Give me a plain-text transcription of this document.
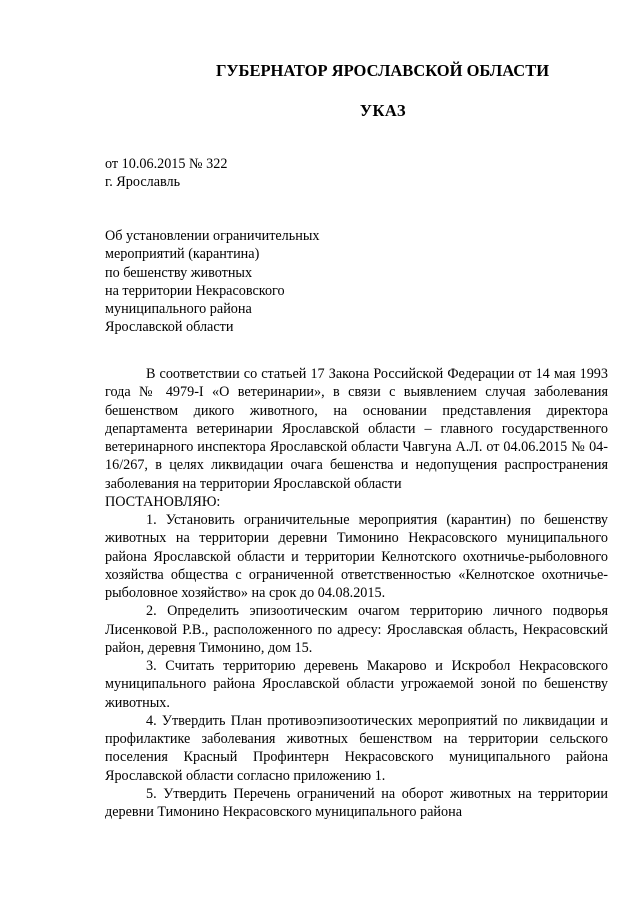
ГУБЕРНАТОР ЯРОСЛАВСКОЙ ОБЛАСТИ
УКАЗ
от 10.06.2015 № 322
г. Ярославль
Об установлении ограничительных
мероприятий (карантина)
по бешенству животных
на территории Некрасовского
муниципального района
Ярославской области

В соответствии со статьей 17 Закона Российской Федерации от 14 мая 1993 года № 4979-I «О ветеринарии», в связи с выявлением случая заболевания бешенством дикого животного, на основании представления директора департамента ветеринарии Ярославской области – главного государственного ветеринарного инспектора Ярославской области Чавгуна А.Л. от 04.06.2015 № 04-16/267, в целях ликвидации очага бешенства и недопущения распространения заболевания на территории Ярославской области

ПОСТАНОВЛЯЮ:

1. Установить ограничительные мероприятия (карантин) по бешенству животных на территории деревни Тимонино Некрасовского муниципального района Ярославской области и территории Келнотского охотничье-рыболовного хозяйства общества с ограниченной ответственностью «Келнотское охотничье-рыболовное хозяйство» на срок до 04.08.2015.

2. Определить эпизоотическим очагом территорию личного подворья Лисенковой Р.В., расположенного по адресу: Ярославская область, Некрасовский район, деревня Тимонино, дом 15.

3. Считать территорию деревень Макарово и Искробол Некрасовского муниципального района Ярославской области угрожаемой зоной по бешенству животных.

4. Утвердить План противоэпизоотических мероприятий по ликвидации и профилактике заболевания животных бешенством на территории сельского поселения Красный Профинтерн Некрасовского муниципального района Ярославской области согласно приложению 1.

5. Утвердить Перечень ограничений на оборот животных на территории деревни Тимонино Некрасовского муниципального района
